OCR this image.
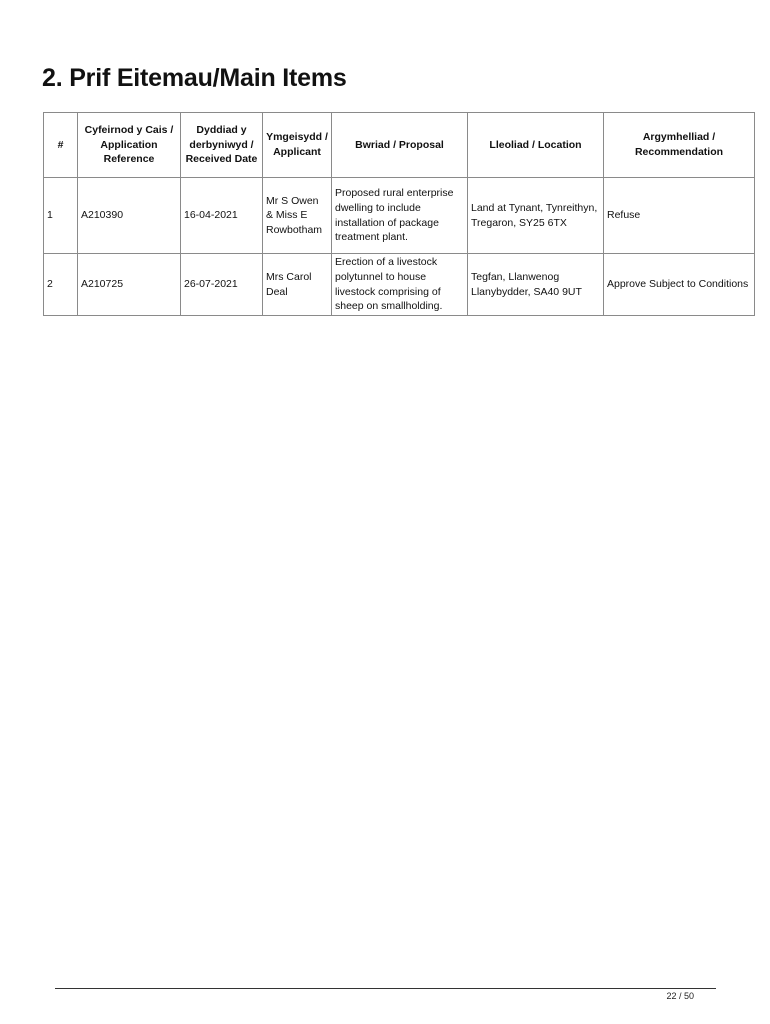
2. Prif Eitemau/Main Items
#	Cyfeirnod y Cais / Application Reference	Dyddiad y derbyniwyd / Received Date	Ymgeisydd / Applicant	Bwriad / Proposal	Lleoliad / Location	Argymhelliad / Recommendation
1	A210390	16-04-2021	Mr S Owen & Miss E Rowbotham	Proposed rural enterprise dwelling to include installation of package treatment plant.	Land at Tynant, Tynreithyn, Tregaron, SY25 6TX	Refuse
2	A210725	26-07-2021	Mrs Carol Deal	Erection of a livestock polytunnel to house livestock comprising of sheep on smallholding.	Tegfan, Llanwenog Llanybydder, SA40 9UT	Approve Subject to Conditions
22 / 50
